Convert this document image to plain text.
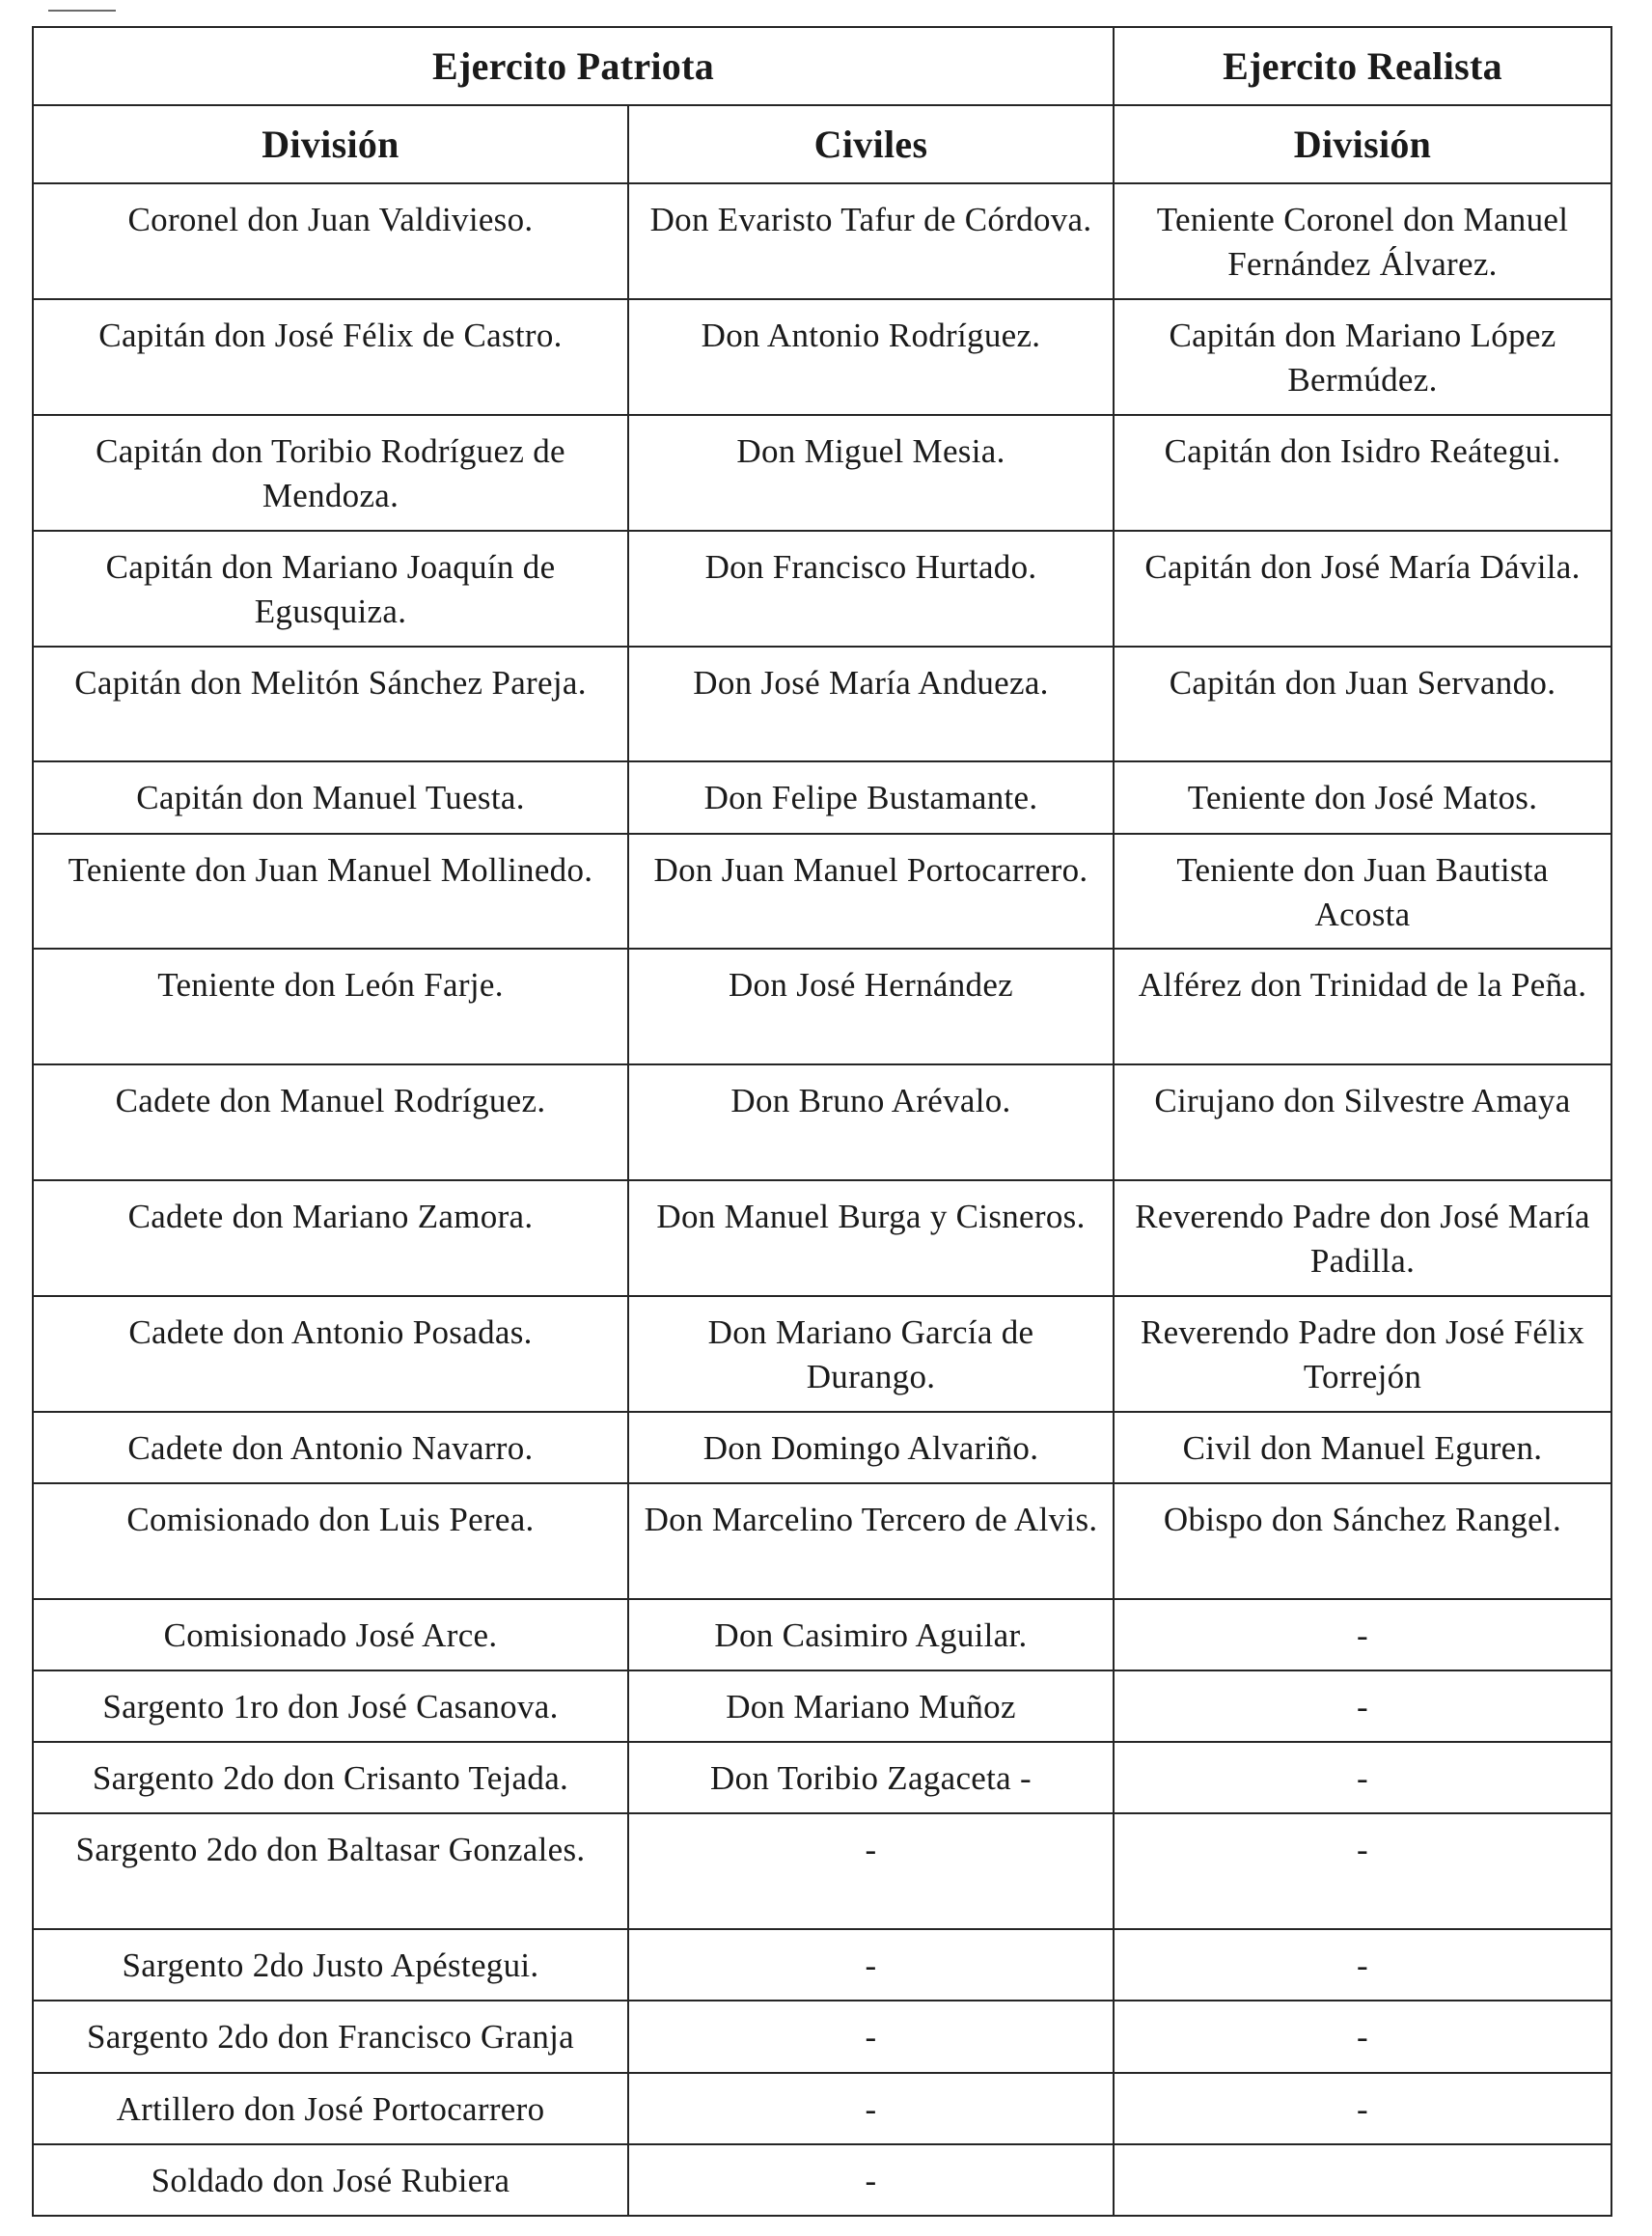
Ejercito Patriota		Ejercito Realista
División	Civiles	División
Coronel don Juan Valdivieso.	Don Evaristo Tafur de Córdova.	Teniente Coronel don Manuel Fernández Álvarez.
Capitán don José Félix de Castro.	Don Antonio Rodríguez.	Capitán don Mariano López Bermúdez.
Capitán don Toribio Rodríguez de Mendoza.	Don Miguel Mesia.	Capitán don Isidro Reátegui.
Capitán don Mariano Joaquín de Egusquiza.	Don Francisco Hurtado.	Capitán don José María Dávila.
Capitán don Melitón Sánchez Pareja.	Don José María Andueza.	Capitán don Juan Servando.
Capitán don Manuel Tuesta.	Don Felipe Bustamante.	Teniente don José Matos.
Teniente don Juan Manuel Mollinedo.	Don Juan Manuel Portocarrero.	Teniente don Juan Bautista Acosta
Teniente don León Farje.	Don José Hernández	Alférez don Trinidad de la Peña.
Cadete don Manuel Rodríguez.	Don Bruno Arévalo.	Cirujano don Silvestre Amaya
Cadete don Mariano Zamora.	Don Manuel Burga y Cisneros.	Reverendo Padre don José María Padilla.
Cadete don Antonio Posadas.	Don Mariano García de Durango.	Reverendo Padre don José Félix Torrejón
Cadete don Antonio Navarro.	Don Domingo Alvariño.	Civil don Manuel Eguren.
Comisionado don Luis Perea.	Don Marcelino Tercero de Alvis.	Obispo don Sánchez Rangel.
Comisionado José Arce.	Don Casimiro Aguilar.	-
Sargento 1ro don José Casanova.	Don Mariano Muñoz	-
Sargento 2do don Crisanto Tejada.	Don Toribio Zagaceta -	-
Sargento 2do don Baltasar Gonzales.	-	-
Sargento 2do Justo Apéstegui.	-	-
Sargento 2do don Francisco Granja	-	-
Artillero don José Portocarrero	-	-
Soldado don José Rubiera	-	
